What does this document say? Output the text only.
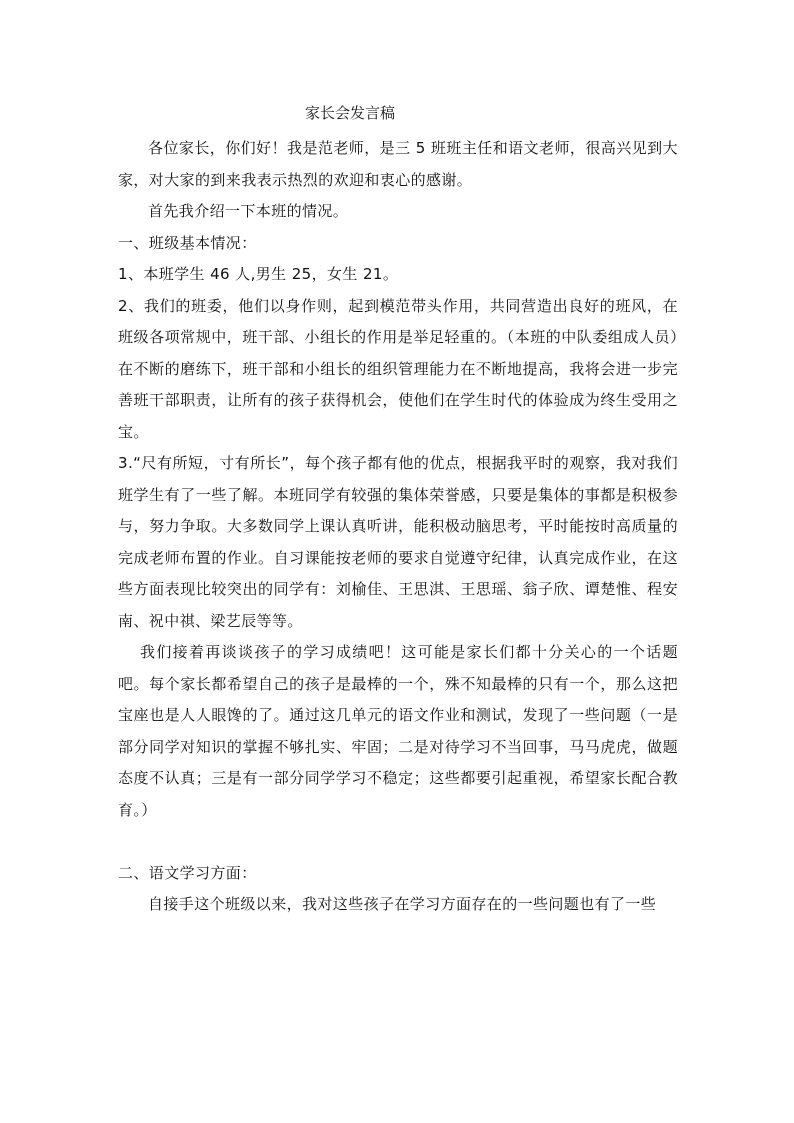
家长会发言稿

各位家长，你们好！我是范老师，是三 5 班班主任和语文老师，很高兴见到大家，对大家的到来我表示热烈的欢迎和衷心的感谢。

首先我介绍一下本班的情况。

一、班级基本情况：

1、本班学生 46 人,男生 25，女生 21。

2、我们的班委，他们以身作则，起到模范带头作用，共同营造出良好的班风，在班级各项常规中，班干部、小组长的作用是举足轻重的。（本班的中队委组成人员）在不断的磨练下，班干部和小组长的组织管理能力在不断地提高，我将会进一步完善班干部职责，让所有的孩子获得机会，使他们在学生时代的体验成为终生受用之宝。

3.“尺有所短，寸有所长”，每个孩子都有他的优点，根据我平时的观察，我对我们班学生有了一些了解。本班同学有较强的集体荣誉感，只要是集体的事都是积极参与，努力争取。大多数同学上课认真听讲，能积极动脑思考，平时能按时高质量的完成老师布置的作业。自习课能按老师的要求自觉遵守纪律，认真完成作业，在这些方面表现比较突出的同学有：刘榆佳、王思淇、王思瑶、翁子欣、谭楚惟、程安南、祝中祺、梁艺辰等等。

我们接着再谈谈孩子的学习成绩吧！这可能是家长们都十分关心的一个话题吧。每个家长都希望自己的孩子是最棒的一个，殊不知最棒的只有一个，那么这把宝座也是人人眼馋的了。通过这几单元的语文作业和测试，发现了一些问题（一是部分同学对知识的掌握不够扎实、牢固；二是对待学习不当回事，马马虎虎，做题态度不认真；三是有一部分同学学习不稳定；这些都要引起重视，希望家长配合教育。）

二、语文学习方面：

自接手这个班级以来，我对这些孩子在学习方面存在的一些问题也有了一些
